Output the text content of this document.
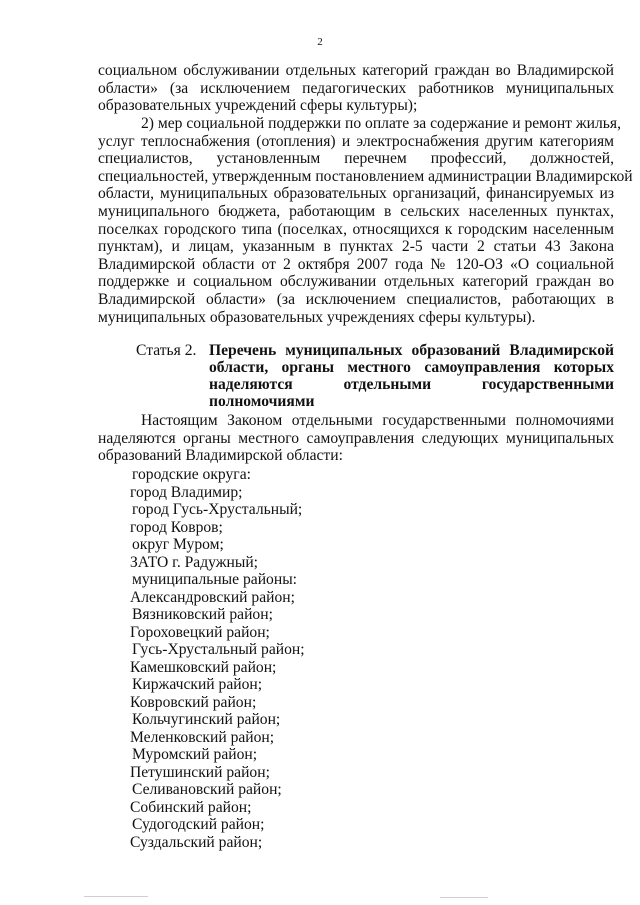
2
социальном обслуживании отдельных категорий граждан во Владимирской
области» (за исключением педагогических работников муниципальных
образовательных учреждений сферы культуры);
2) мер социальной поддержки по оплате за содержание и ремонт жилья,
услуг теплоснабжения (отопления) и электроснабжения другим категориям
специалистов, установленным перечнем профессий, должностей,
специальностей, утвержденным постановлением администрации Владимирской
области, муниципальных образовательных организаций, финансируемых из
муниципального бюджета, работающим в сельских населенных пунктах,
поселках городского типа (поселках, относящихся к городским населенным
пунктам), и лицам, указанным в пунктах 2-5 части 2 статьи 43 Закона
Владимирской области от 2 октября 2007 года № 120-ОЗ «О социальной
поддержке и социальном обслуживании отдельных категорий граждан во
Владимирской области» (за исключением специалистов, работающих в
муниципальных образовательных учреждениях сферы культуры).
Статья 2. Перечень муниципальных образований Владимирской
области, органы местного самоуправления которых
наделяются отдельными государственными
полномочиями
Настоящим Законом отдельными государственными полномочиями
наделяются органы местного самоуправления следующих муниципальных
образований Владимирской области:
городские округа:
город Владимир;
город Гусь-Хрустальный;
город Ковров;
округ Муром;
ЗАТО г. Радужный;
муниципальные районы:
Александровский район;
Вязниковский район;
Гороховецкий район;
Гусь-Хрустальный район;
Камешковский район;
Киржачский район;
Ковровский район;
Кольчугинский район;
Меленковский район;
Муромский район;
Петушинский район;
Селивановский район;
Собинский район;
Судогодский район;
Суздальский район;
